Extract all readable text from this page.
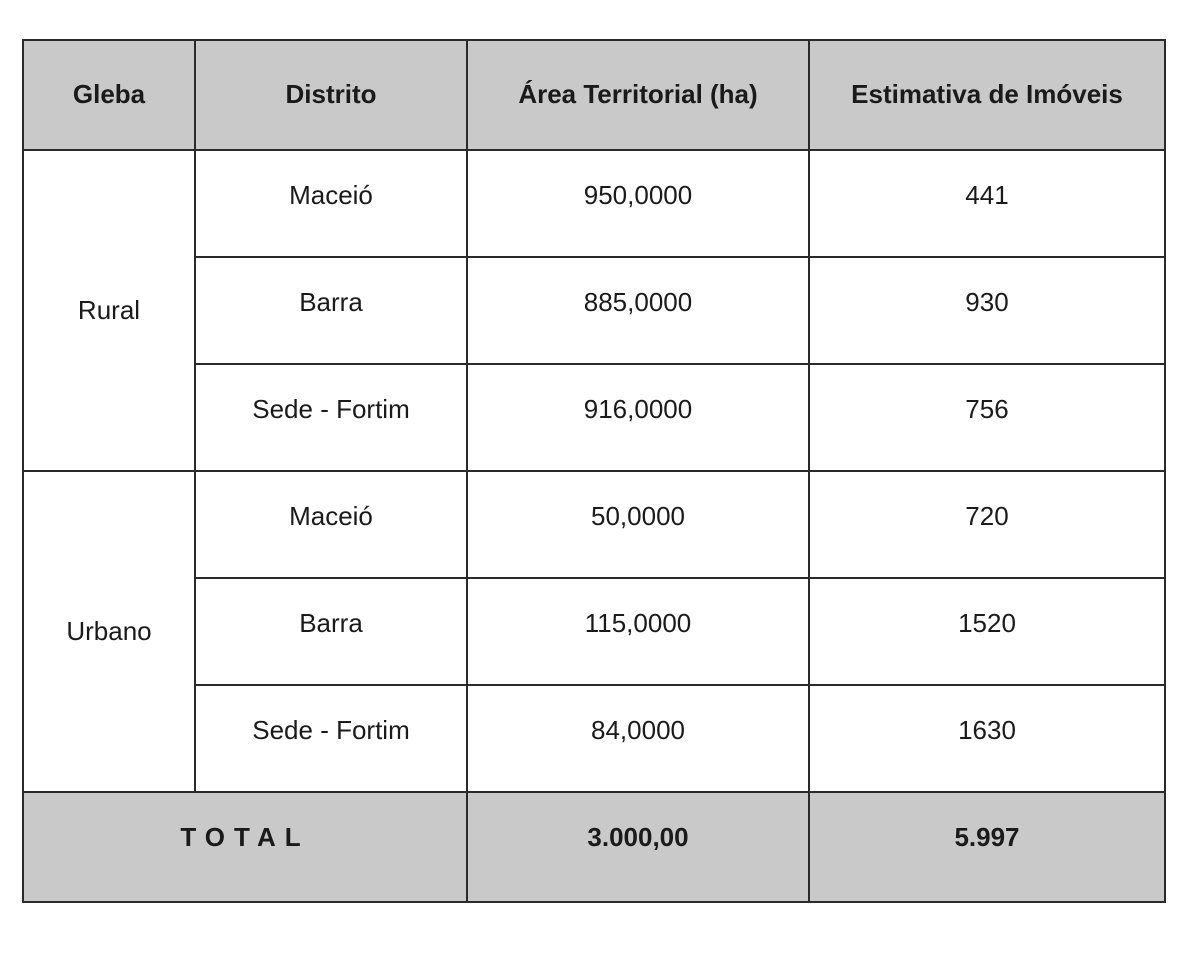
Gleba	Distrito	Área Territorial (ha)	Estimativa de Imóveis
Rural	Maceió	950,0000	441
	Barra	885,0000	930
	Sede - Fortim	916,0000	756
Urbano	Maceió	50,0000	720
	Barra	115,0000	1520
	Sede - Fortim	84,0000	1630
TOTAL		3.000,00	5.997
